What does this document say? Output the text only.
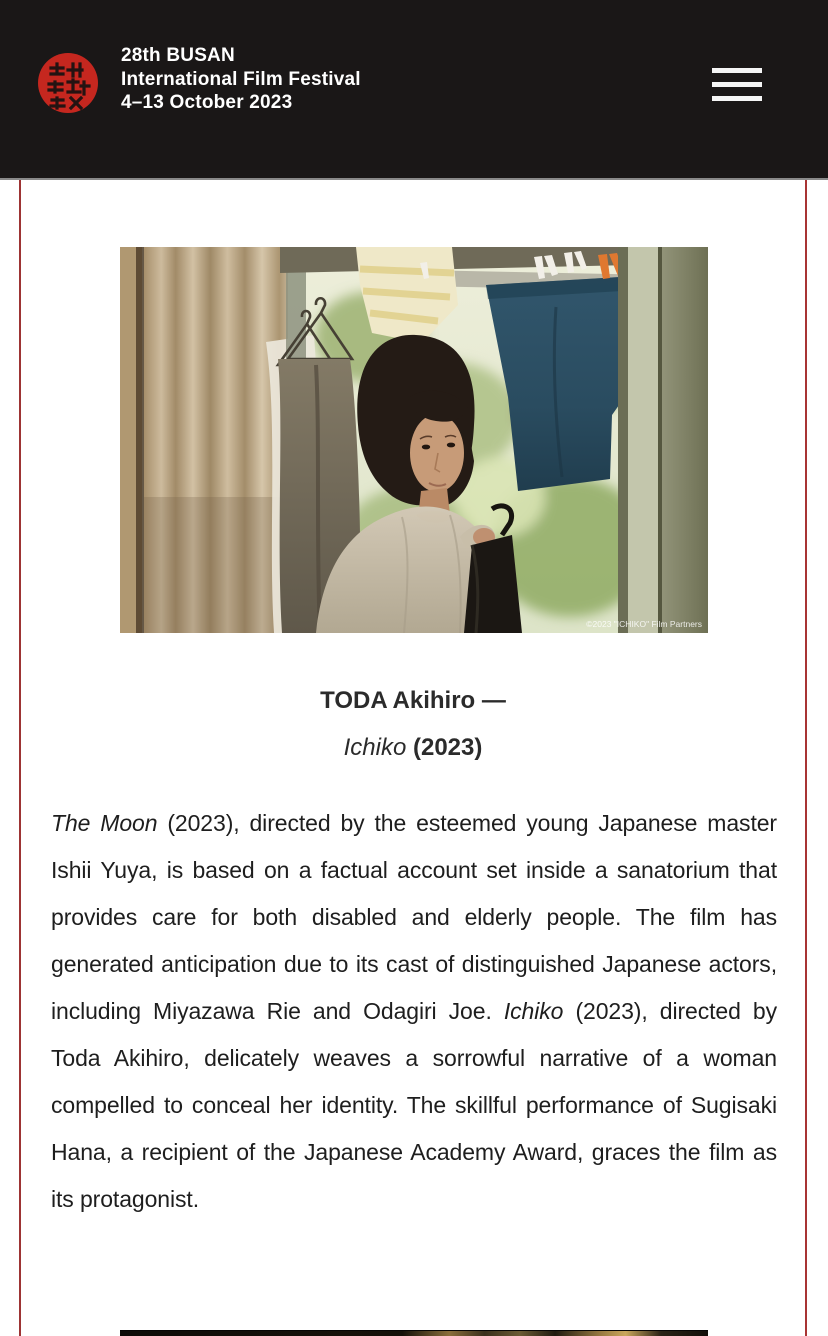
28th BUSAN
International Film Festival
4–13 October 2023
©2023 "ICHIKO" Film Partners
TODA Akihiro —
Ichiko (2023)

The Moon (2023), directed by the esteemed young Japanese master Ishii Yuya, is based on a factual account set inside a sanatorium that provides care for both disabled and elderly people. The film has generated anticipation due to its cast of distinguished Japanese actors, including Miyazawa Rie and Odagiri Joe. Ichiko (2023), directed by Toda Akihiro, delicately weaves a sorrowful narrative of a woman compelled to conceal her identity. The skillful performance of Sugisaki Hana, a recipient of the Japanese Academy Award, graces the film as its protagonist.
